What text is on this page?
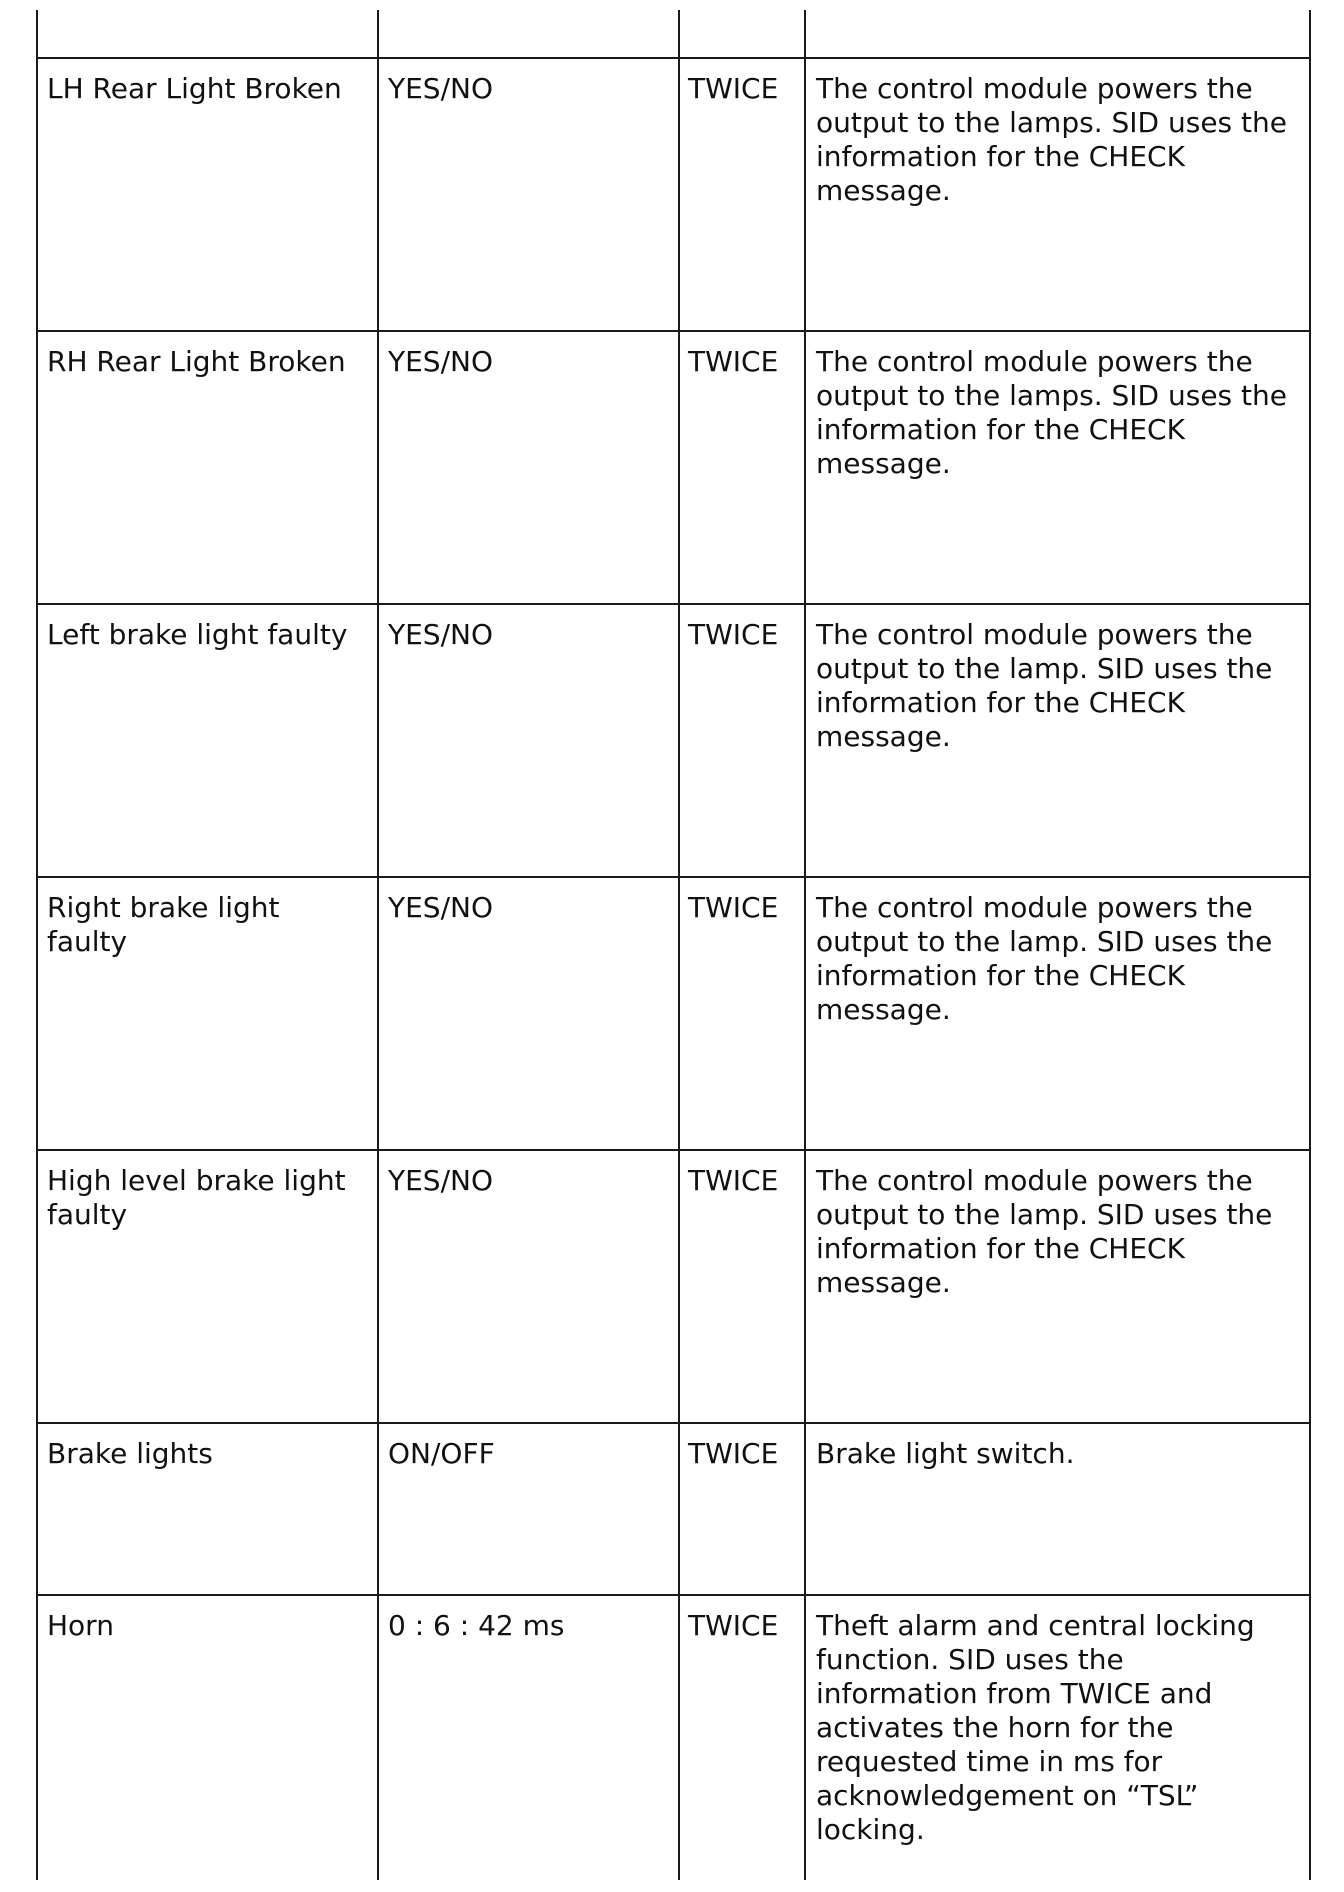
LH Rear Light Broken	YES/NO	TWICE	The control module powers the
output to the lamps. SID uses the
information for the CHECK
message.
RH Rear Light Broken	YES/NO	TWICE	The control module powers the
output to the lamps. SID uses the
information for the CHECK
message.
Left brake light faulty	YES/NO	TWICE	The control module powers the
output to the lamp. SID uses the
information for the CHECK
message.
Right brake light
faulty
YES/NO	TWICE	The control module powers the
output to the lamp. SID uses the
information for the CHECK
message.
High level brake light
faulty
YES/NO	TWICE	The control module powers the
output to the lamp. SID uses the
information for the CHECK
message.
Brake lights	ON/OFF	TWICE	Brake light switch.
Horn	0 : 6 : 42 ms	TWICE	Theft alarm and central locking
function. SID uses the
information from TWICE and
activates the horn for the
requested time in ms for
acknowledgement on “TSL”
locking.
